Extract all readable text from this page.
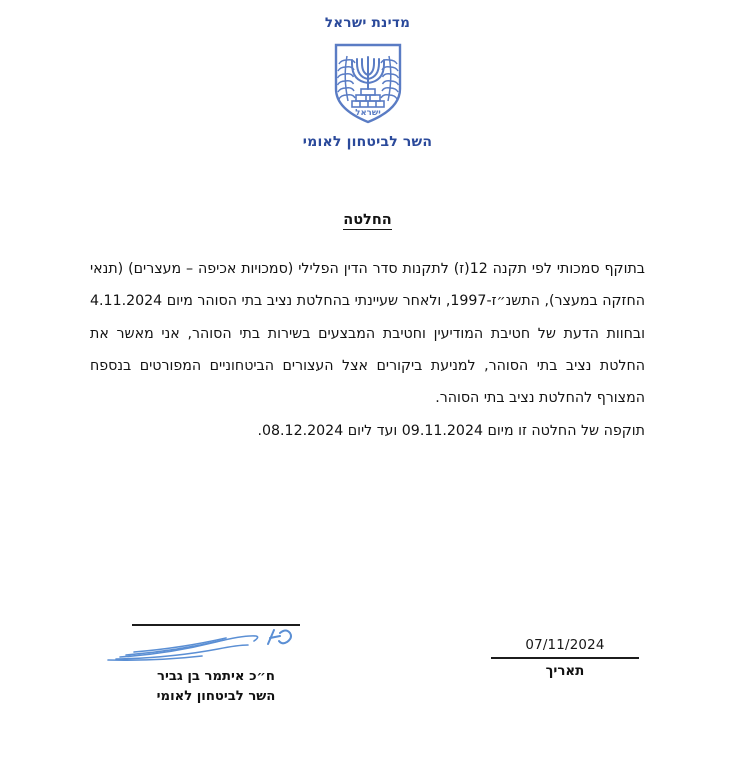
מדינת ישראל
ישראל
השר לביטחון לאומי
החלטה

בתוקף סמכותי לפי תקנה 12(ז) לתקנות סדר הדין הפלילי (סמכויות אכיפה – מעצרים) (תנאי החזקה במעצר), התשנ״ז-1997, ולאחר שעיינתי בהחלטת נציב בתי הסוהר מיום 4.11.2024 ובחוות הדעת של חטיבת המודיעין וחטיבת המבצעים בשירות בתי הסוהר, אני מאשר את החלטת נציב בתי הסוהר, למניעת ביקורים אצל העצורים הביטחוניים המפורטים בנספח המצורף להחלטת נציב בתי הסוהר.

תוקפה של החלטה זו מיום 09.11.2024 ועד ליום 08.12.2024.

ח״כ איתמר בן גביר
השר לביטחון לאומי
07/11/2024
תאריך
